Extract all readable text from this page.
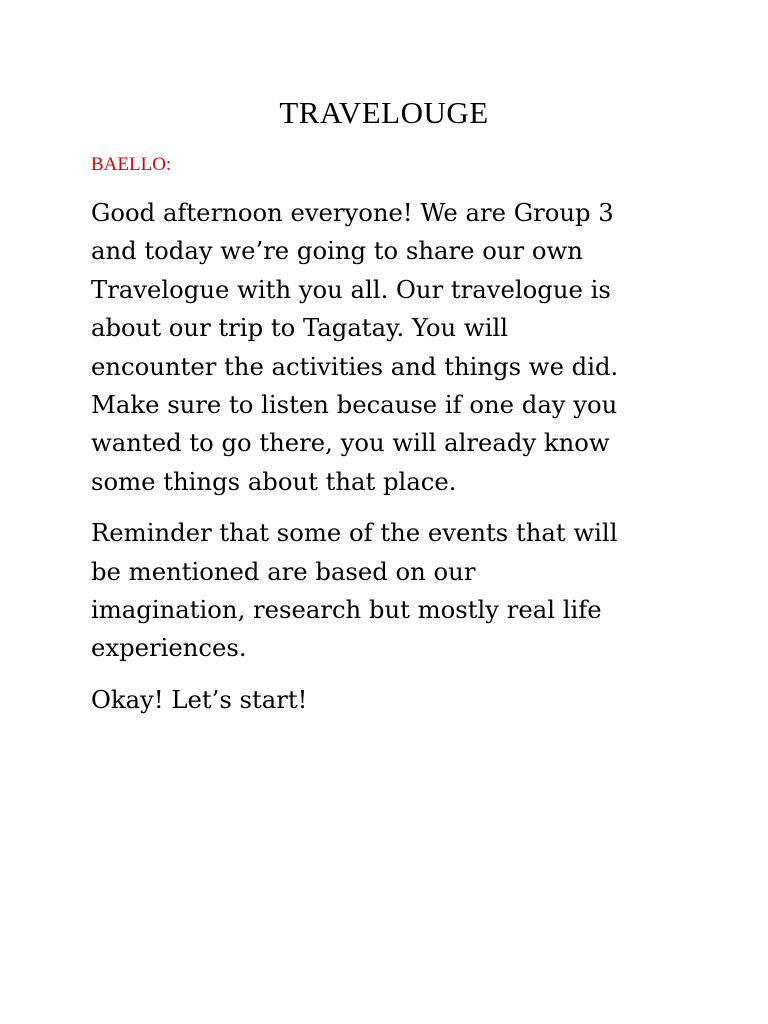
TRAVELOUGE

BAELLO:

Good afternoon everyone! We are Group 3
and today we’re going to share our own
Travelogue with you all. Our travelogue is
about our trip to Tagatay. You will
encounter the activities and things we did.
Make sure to listen because if one day you
wanted to go there, you will already know
some things about that place.

Reminder that some of the events that will
be mentioned are based on our
imagination, research but mostly real life
experiences.

Okay! Let’s start!
